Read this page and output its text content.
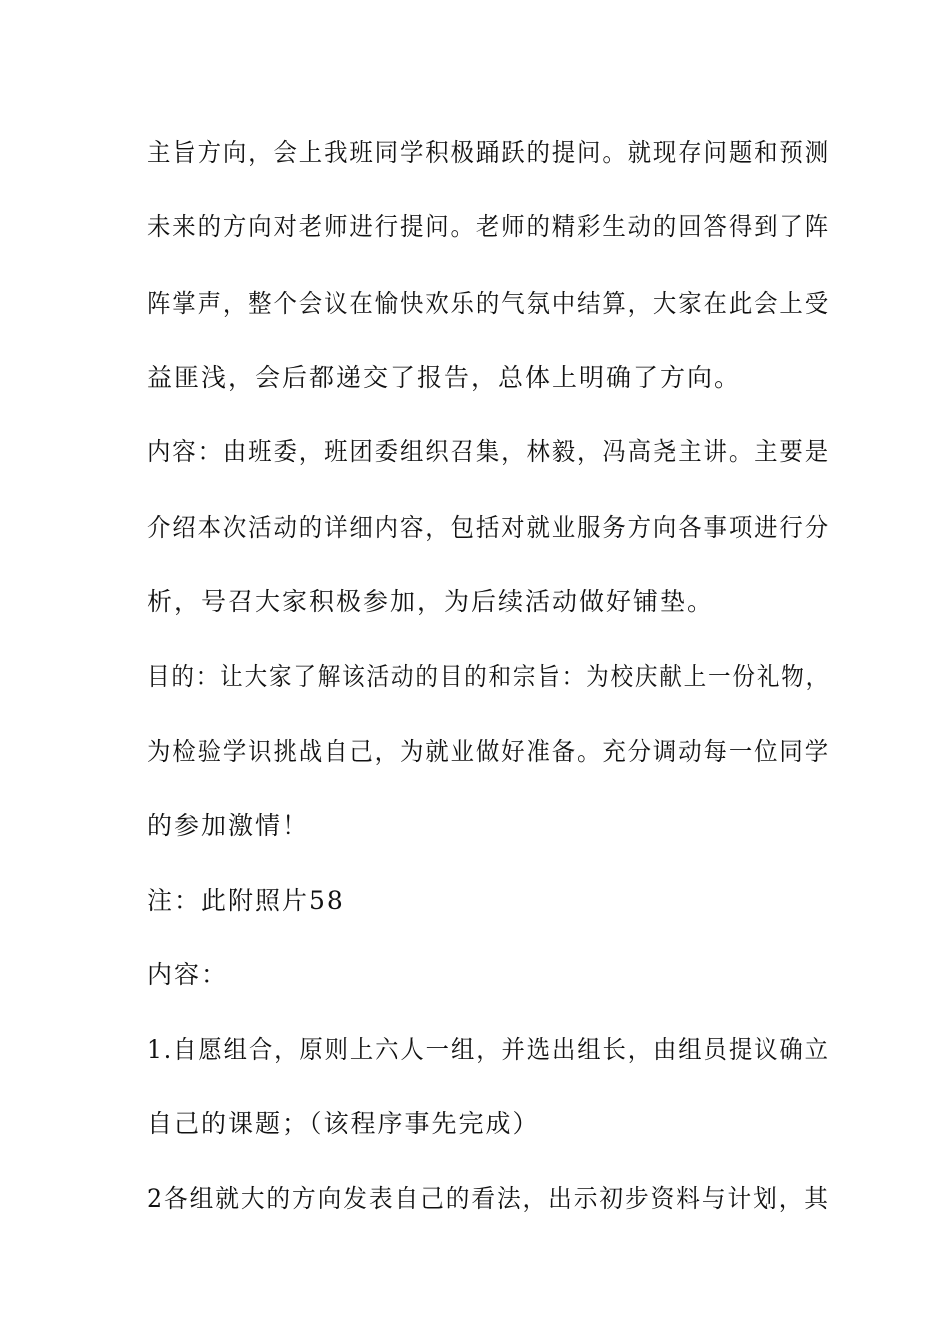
主旨方向，会上我班同学积极踊跃的提问。就现存问题和预测
未来的方向对老师进行提问。老师的精彩生动的回答得到了阵
阵掌声，整个会议在愉快欢乐的气氛中结算，大家在此会上受
益匪浅，会后都递交了报告，总体上明确了方向。
内容：由班委，班团委组织召集，林毅，冯高尧主讲。主要是
介绍本次活动的详细内容，包括对就业服务方向各事项进行分
析，号召大家积极参加，为后续活动做好铺垫。
目的：让大家了解该活动的目的和宗旨：为校庆献上一份礼物，
为检验学识挑战自己，为就业做好准备。充分调动每一位同学
的参加激情！
注：此附照片58
内容：
1.自愿组合，原则上六人一组，并选出组长，由组员提议确立
自己的课题；（该程序事先完成）
2各组就大的方向发表自己的看法，出示初步资料与计划，其
